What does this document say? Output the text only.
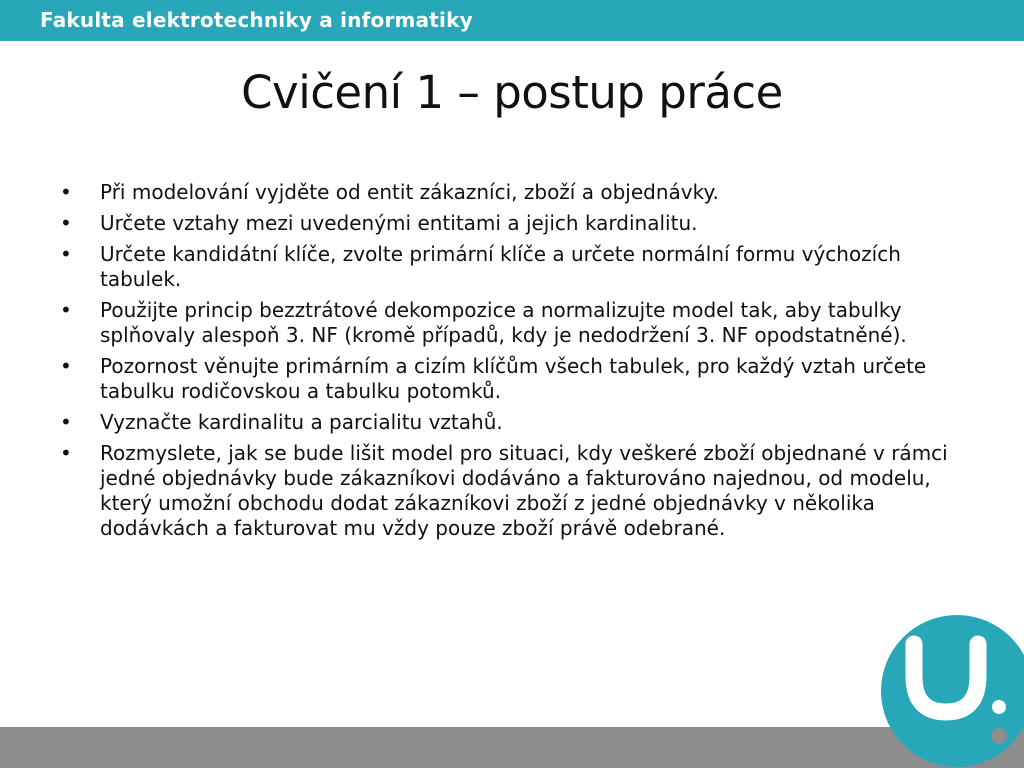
Fakulta elektrotechniky a informatiky
Cvičení 1 – postup práce
• Při modelování vyjděte od entit zákazníci, zboží a objednávky.
• Určete vztahy mezi uvedenými entitami a jejich kardinalitu.
• Určete kandidátní klíče, zvolte primární klíče a určete normální formu výchozích tabulek.
• Použijte princip bezztrátové dekompozice a normalizujte model tak, aby tabulky splňovaly alespoň 3. NF (kromě případů, kdy je nedodržení 3. NF opodstatněné).
• Pozornost věnujte primárním a cizím klíčům všech tabulek, pro každý vztah určete tabulku rodičovskou a tabulku potomků.
• Vyznačte kardinalitu a parcialitu vztahů.
• Rozmyslete, jak se bude lišit model pro situaci, kdy veškeré zboží objednané v rámci jedné objednávky bude zákazníkovi dodáváno a fakturováno najednou, od modelu, který umožní obchodu dodat zákazníkovi zboží z jedné objednávky v několika dodávkách a fakturovat mu vždy pouze zboží právě odebrané.
